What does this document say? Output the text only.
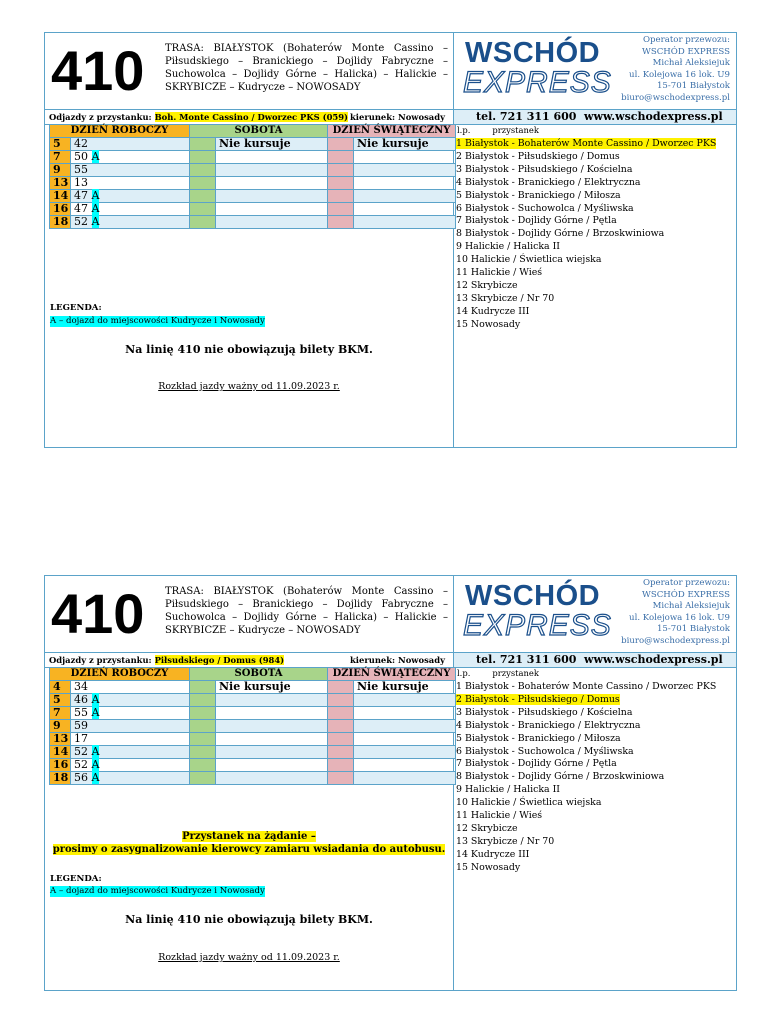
410	TRASA: BIAŁYSTOK (Bohaterów Monte Cassino – Piłsudskiego – Branickiego – Dojlidy Fabryczne – Suchowolca – Dojlidy Górne – Halicka) – Halickie – SKRYBICZE – Kudrycze – NOWOSADY
WSCHÓD
EXPRESS
Operator przewozu:
WSCHÓD EXPRESS
Michał Aleksiejuk
ul. Kolejowa 16 lok. U9
15-701 Białystok
biuro@wschodexpress.pl
Odjazdy z przystanku: Boh. Monte Cassino / Dworzec PKS (059) kierunek: Nowosady	tel. 721 311 600 www.wschodexpress.pl
DZIEŃ ROBOCZY		SOBOTA		DZIEŃ ŚWIĄTECZNY	
5	42		Nie kursuje		Nie kursuje
7	50 A				
9	55				
13	13				
14	47 A				
16	47 A				
18	52 A				
l.p.	przystanek
1 Białystok - Bohaterów Monte Cassino / Dworzec PKS
2 Białystok - Piłsudskiego / Domus
3 Białystok - Piłsudskiego / Kościelna
4 Białystok - Branickiego / Elektryczna
5 Białystok - Branickiego / Miłosza
6 Białystok - Suchowolca / Myśliwska
7 Białystok - Dojlidy Górne / Pętla
8 Białystok - Dojlidy Górne / Brzoskwiniowa
9 Halickie / Halicka II
10 Halickie / Świetlica wiejska
11 Halickie / Wieś
12 Skrybicze
13 Skrybicze / Nr 70
14 Kudrycze III
15 Nowosady
LEGENDA:
A – dojazd do miejscowości Kudrycze i Nowosady
Na linię 410 nie obowiązują bilety BKM.
Rozkład jazdy ważny od 11.09.2023 r.
410	TRASA: BIAŁYSTOK (Bohaterów Monte Cassino – Piłsudskiego – Branickiego – Dojlidy Fabryczne – Suchowolca – Dojlidy Górne – Halicka) – Halickie – SKRYBICZE – Kudrycze – NOWOSADY
WSCHÓD
EXPRESS
Operator przewozu:
WSCHÓD EXPRESS
Michał Aleksiejuk
ul. Kolejowa 16 lok. U9
15-701 Białystok
biuro@wschodexpress.pl
Odjazdy z przystanku: Piłsudskiego / Domus (984)	kierunek: Nowosady	tel. 721 311 600 www.wschodexpress.pl
DZIEŃ ROBOCZY		SOBOTA		DZIEŃ ŚWIĄTECZNY	
4	34		Nie kursuje		Nie kursuje
5	46 A				
7	55 A				
9	59				
13	17				
14	52 A				
16	52 A				
18	56 A				
l.p.	przystanek
1 Białystok - Bohaterów Monte Cassino / Dworzec PKS
2 Białystok - Piłsudskiego / Domus
3 Białystok - Piłsudskiego / Kościelna
4 Białystok - Branickiego / Elektryczna
5 Białystok - Branickiego / Miłosza
6 Białystok - Suchowolca / Myśliwska
7 Białystok - Dojlidy Górne / Pętla
8 Białystok - Dojlidy Górne / Brzoskwiniowa
9 Halickie / Halicka II
10 Halickie / Świetlica wiejska
11 Halickie / Wieś
12 Skrybicze
13 Skrybicze / Nr 70
14 Kudrycze III
15 Nowosady
Przystanek na żądanie –
prosimy o zasygnalizowanie kierowcy zamiaru wsiadania do autobusu.
LEGENDA:
A – dojazd do miejscowości Kudrycze i Nowosady
Na linię 410 nie obowiązują bilety BKM.
Rozkład jazdy ważny od 11.09.2023 r.
